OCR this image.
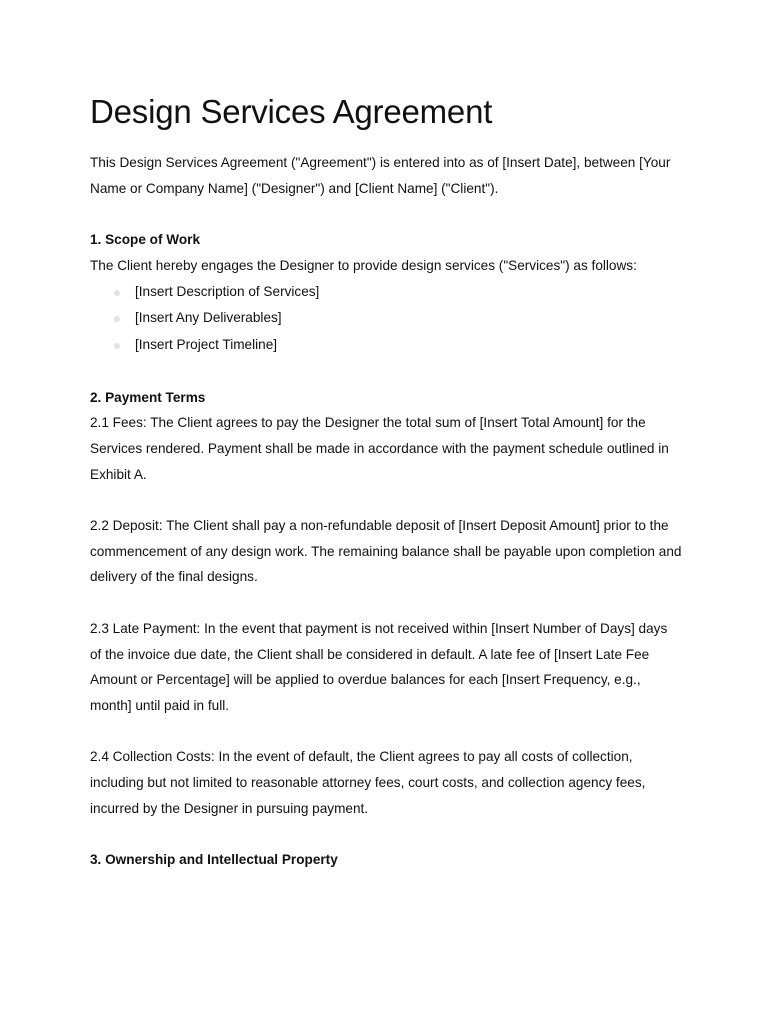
Design Services Agreement

This Design Services Agreement ("Agreement") is entered into as of [Insert Date], between [Your Name or Company Name] ("Designer") and [Client Name] ("Client").

1. Scope of Work

The Client hereby engages the Designer to provide design services ("Services") as follows:

[Insert Description of Services]
[Insert Any Deliverables]
[Insert Project Timeline]

2. Payment Terms

2.1 Fees: The Client agrees to pay the Designer the total sum of [Insert Total Amount] for the Services rendered. Payment shall be made in accordance with the payment schedule outlined in Exhibit A.

2.2 Deposit: The Client shall pay a non-refundable deposit of [Insert Deposit Amount] prior to the commencement of any design work. The remaining balance shall be payable upon completion and delivery of the final designs.

2.3 Late Payment: In the event that payment is not received within [Insert Number of Days] days of the invoice due date, the Client shall be considered in default. A late fee of [Insert Late Fee Amount or Percentage] will be applied to overdue balances for each [Insert Frequency, e.g., month] until paid in full.

2.4 Collection Costs: In the event of default, the Client agrees to pay all costs of collection, including but not limited to reasonable attorney fees, court costs, and collection agency fees, incurred by the Designer in pursuing payment.

3. Ownership and Intellectual Property
